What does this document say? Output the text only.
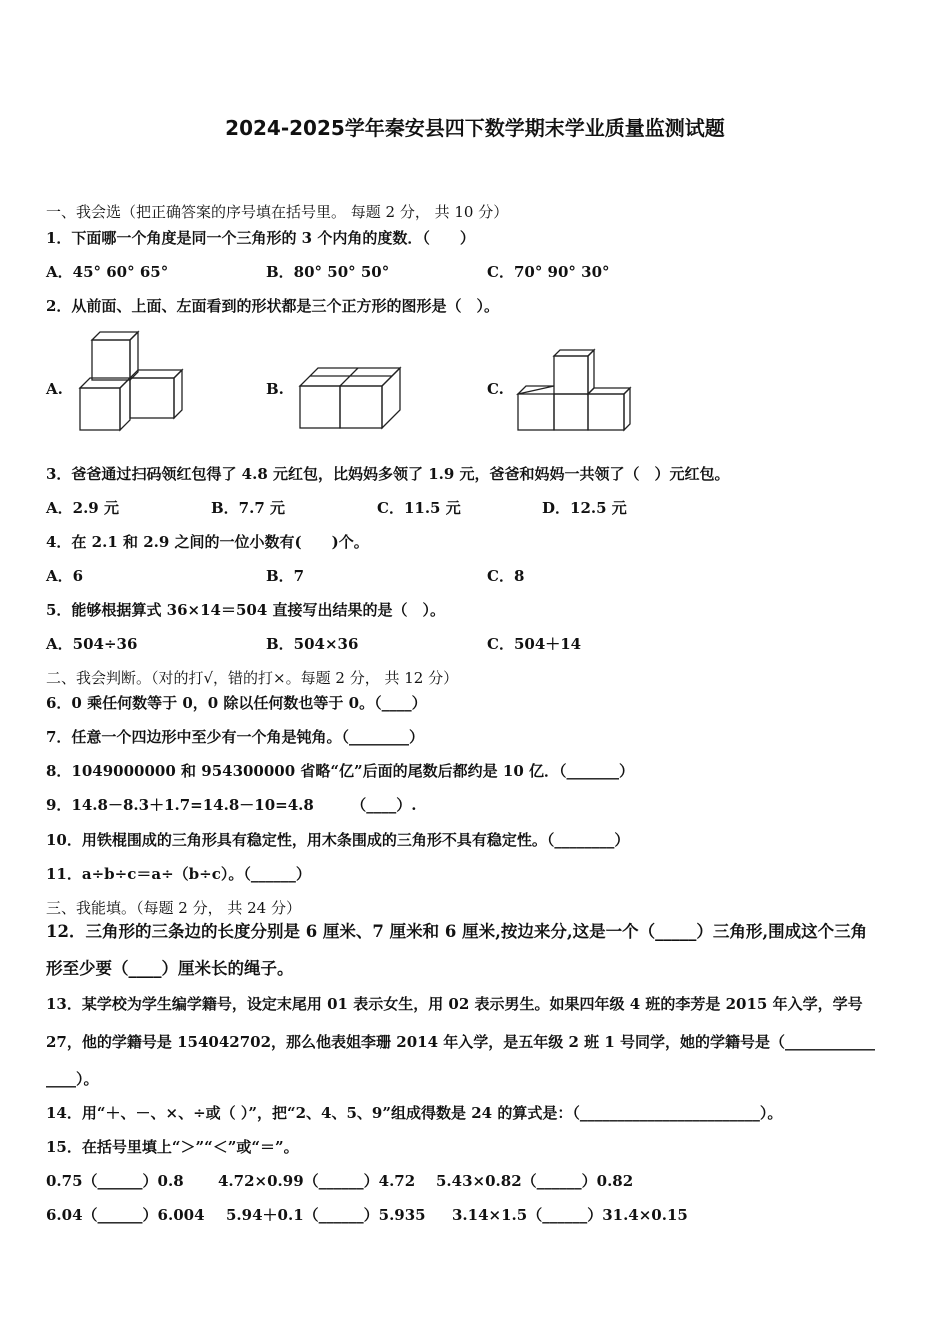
2024-2025学年秦安县四下数学期末学业质量监测试题
一、我会选（把正确答案的序号填在括号里。 每题 2 分， 共 10 分）
1．下面哪一个角度是同一个三角形的 3 个内角的度数．（　　）
A．45° 60° 65°	B．80° 50° 50°	C．70° 90° 30°
2．从前面、上面、左面看到的形状都是三个正方形的图形是（　）。
A.	B.	C.
3．爸爸通过扫码领红包得了 4.8 元红包，比妈妈多领了 1.9 元，爸爸和妈妈一共领了（　）元红包。
A．2.9 元	B．7.7 元	C．11.5 元	D．12.5 元
4．在 2.1 和 2.9 之间的一位小数有(　　)个。
A．6	B．7	C．8
5．能够根据算式 36×14＝504 直接写出结果的是（　）。
A．504÷36	B．504×36	C．504＋14
二、我会判断。（对的打√，错的打×。每题 2 分， 共 12 分）
6．0 乘任何数等于 0，0 除以任何数也等于 0。（____）
7．任意一个四边形中至少有一个角是钝角。（________）
8．1049000000 和 954300000 省略“亿”后面的尾数后都约是 10 亿．（_______）
9．14.8－8.3＋1.7=14.8－10=4.8　　　（____）.
10．用铁棍围成的三角形具有稳定性，用木条围成的三角形不具有稳定性。（________）
11．a÷b÷c＝a÷（b÷c）。（______）
三、我能填。（每题 2 分， 共 24 分）
12．三角形的三条边的长度分别是 6 厘米、7 厘米和 6 厘米,按边来分,这是一个（_____）三角形,围成这个三角
形至少要（____）厘米长的绳子。
13．某学校为学生编学籍号，设定末尾用 01 表示女生，用 02 表示男生。如果四年级 4 班的李芳是 2015 年入学，学号
27，他的学籍号是 154042702，那么他表姐李珊 2014 年入学，是五年级 2 班 1 号同学，她的学籍号是（____________
____）。
14．用“＋、－、×、÷或（ ）”，把“2、4、5、9”组成得数是 24 的算式是：（________________________）。
15．在括号里填上“＞”“＜”或“＝”。
0.75（______）0.8 4.72×0.99（______）4.72 5.43×0.82（______）0.82
6.04（______）6.004 5.94＋0.1（______）5.935 3.14×1.5（______）31.4×0.15
